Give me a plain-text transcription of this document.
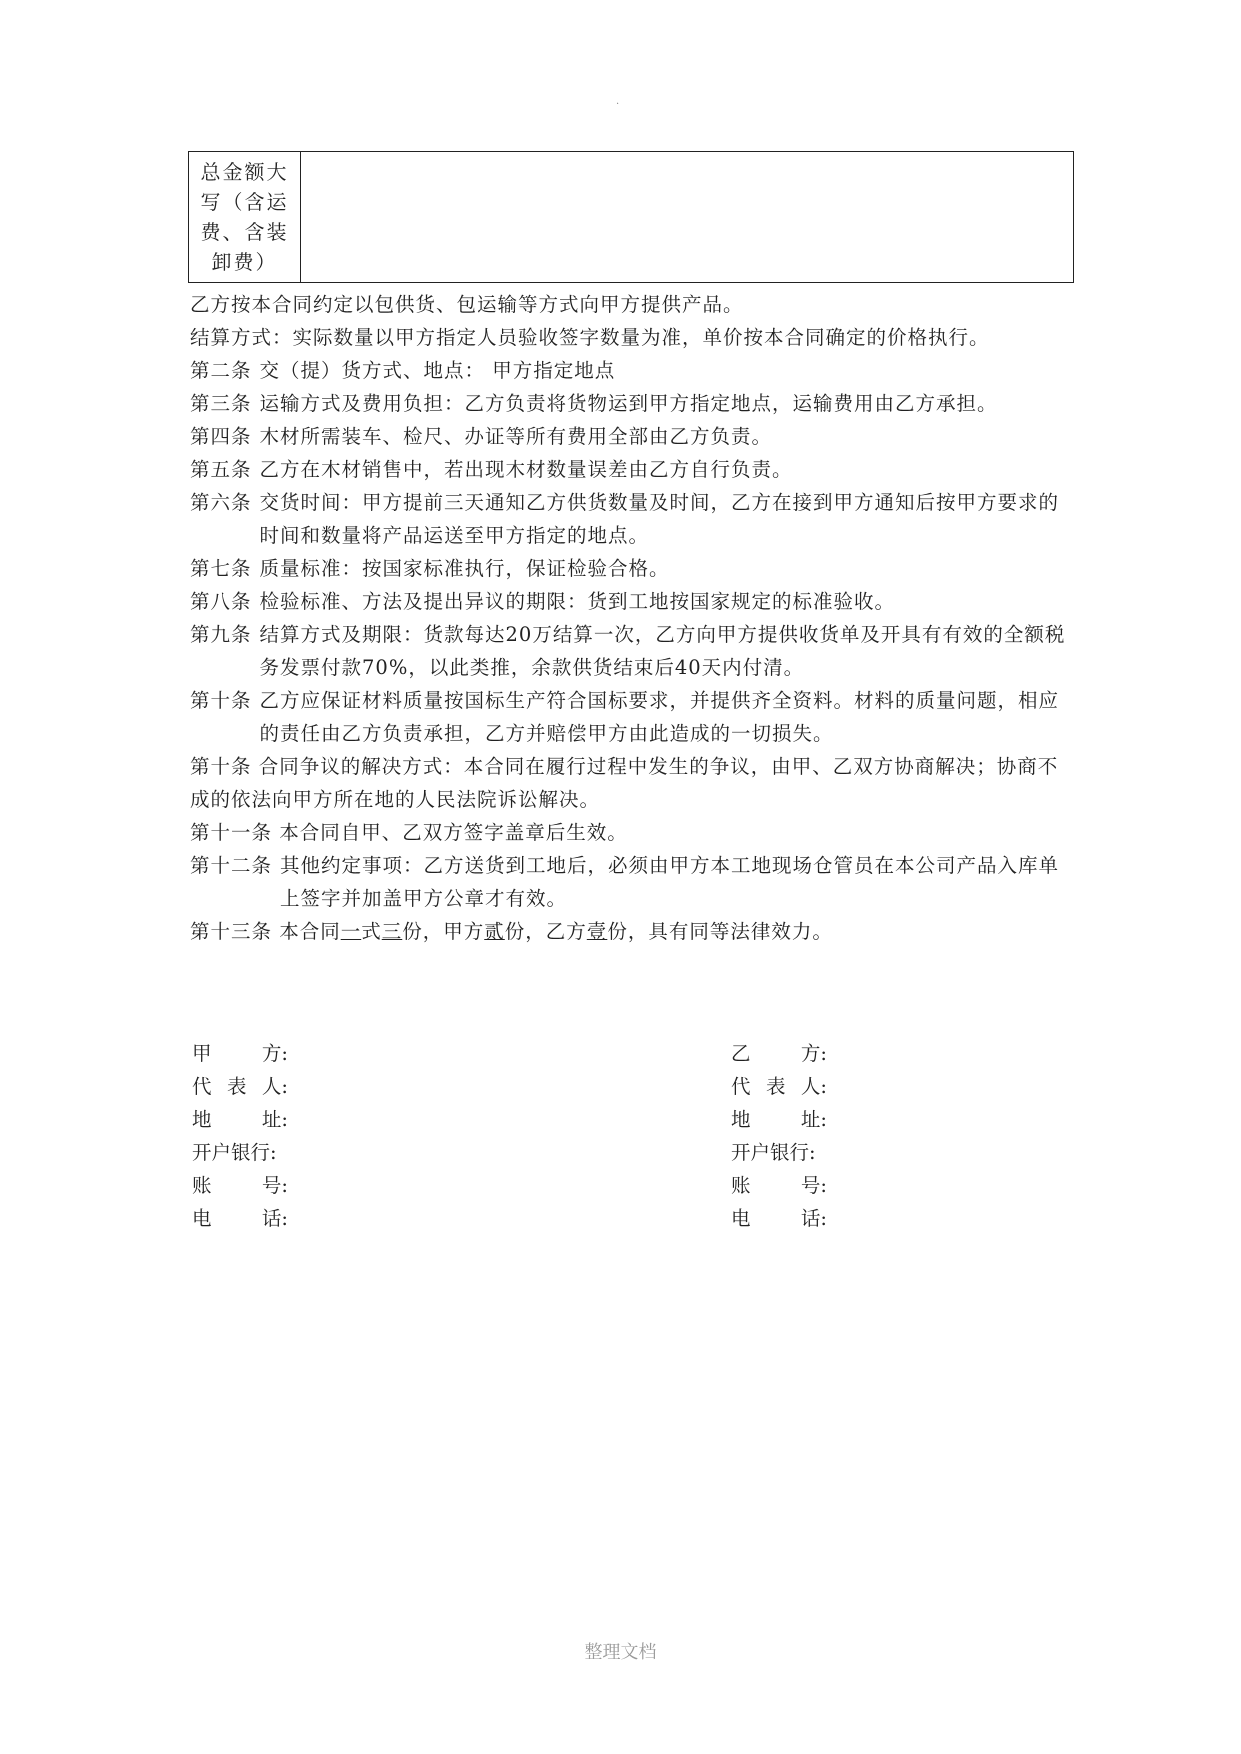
.
总金额大写（含运费、含装卸费）

乙方按本合同约定以包供货、包运输等方式向甲方提供产品。

结算方式：实际数量以甲方指定人员验收签字数量为准，单价按本合同确定的价格执行。

第二条 交（提）货方式、地点： 甲方指定地点
第三条 运输方式及费用负担：乙方负责将货物运到甲方指定地点，运输费用由乙方承担。
第四条 木材所需装车、检尺、办证等所有费用全部由乙方负责。
第五条 乙方在木材销售中，若出现木材数量误差由乙方自行负责。
第六条 交货时间：甲方提前三天通知乙方供货数量及时间，乙方在接到甲方通知后按甲方要求的时间和数量将产品运送至甲方指定的地点。
第七条 质量标准：按国家标准执行，保证检验合格。
第八条 检验标准、方法及提出异议的期限：货到工地按国家规定的标准验收。
第九条 结算方式及期限：货款每达20万结算一次，乙方向甲方提供收货单及开具有有效的全额税务发票付款70%，以此类推，余款供货结束后40天内付清。
第十条 乙方应保证材料质量按国标生产符合国标要求，并提供齐全资料。材料的质量问题，相应的责任由乙方负责承担，乙方并赔偿甲方由此造成的一切损失。

第十条 合同争议的解决方式：本合同在履行过程中发生的争议，由甲、乙双方协商解决；协商不成的依法向甲方所在地的人民法院诉讼解决。

第十一条 本合同自甲、乙双方签字盖章后生效。

第十二条 其他约定事项：乙方送货到工地后，必须由甲方本工地现场仓管员在本公司产品入库单上签字并加盖甲方公章才有效。

第十三条 本合同一式三份，甲方贰份，乙方壹份，具有同等法律效力。

甲	方:
代 表 人:
地	址:
开户银行:
账	号:
电	话:
乙	方:
代 表 人:
地	址:
开户银行:
账	号:
电	话:
整理文档
